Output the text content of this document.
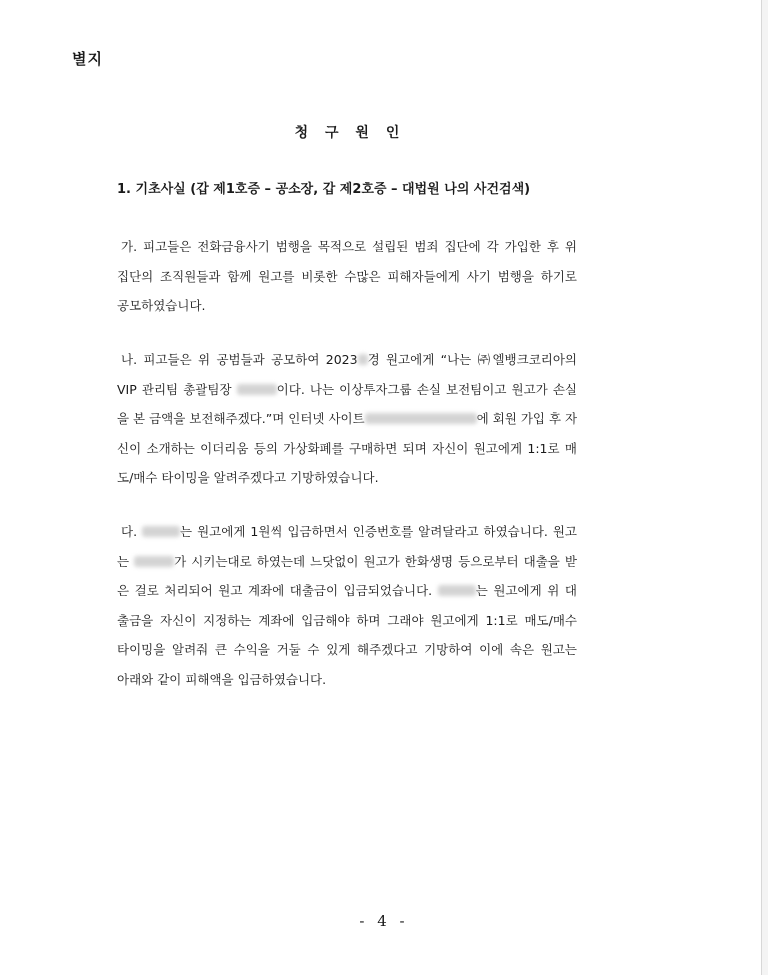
별지
청 구 원 인
1. 기초사실 (갑 제1호증 – 공소장, 갑 제2호증 – 대법원 나의 사건검색)
가. 피고들은 전화금융사기 범행을 목적으로 설립된 범죄 집단에 각 가입한 후 위
집단의 조직원들과 함께 원고를 비롯한 수많은 피해자들에게 사기 범행을 하기로
공모하였습니다.
나. 피고들은 위 공범들과 공모하여 2023 경 원고에게 “나는 ㈜엘뱅크코리아의
VIP 관리팀 총괄팀장	이다. 나는 이상투자그룹 손실 보전팀이고 원고가 손실
을 본 금액을 보전해주겠다.”며 인터넷 사이트	에 회원 가입 후 자
신이 소개하는 이더리움 등의 가상화폐를 구매하면 되며 자신이 원고에게 1:1로 매
도/매수 타이밍을 알려주겠다고 기망하였습니다.
다.	는 원고에게 1원씩 입금하면서 인증번호를 알려달라고 하였습니다. 원고
는	가 시키는대로 하였는데 느닷없이 원고가 한화생명 등으로부터 대출을 받
은 걸로 처리되어 원고 계좌에 대출금이 입금되었습니다.	는 원고에게 위 대
출금을 자신이 지정하는 계좌에 입금해야 하며 그래야 원고에게 1:1로 매도/매수
타이밍을 알려줘 큰 수익을 거둘 수 있게 해주겠다고 기망하여 이에 속은 원고는
아래와 같이 피해액을 입금하였습니다.
- 4 -
